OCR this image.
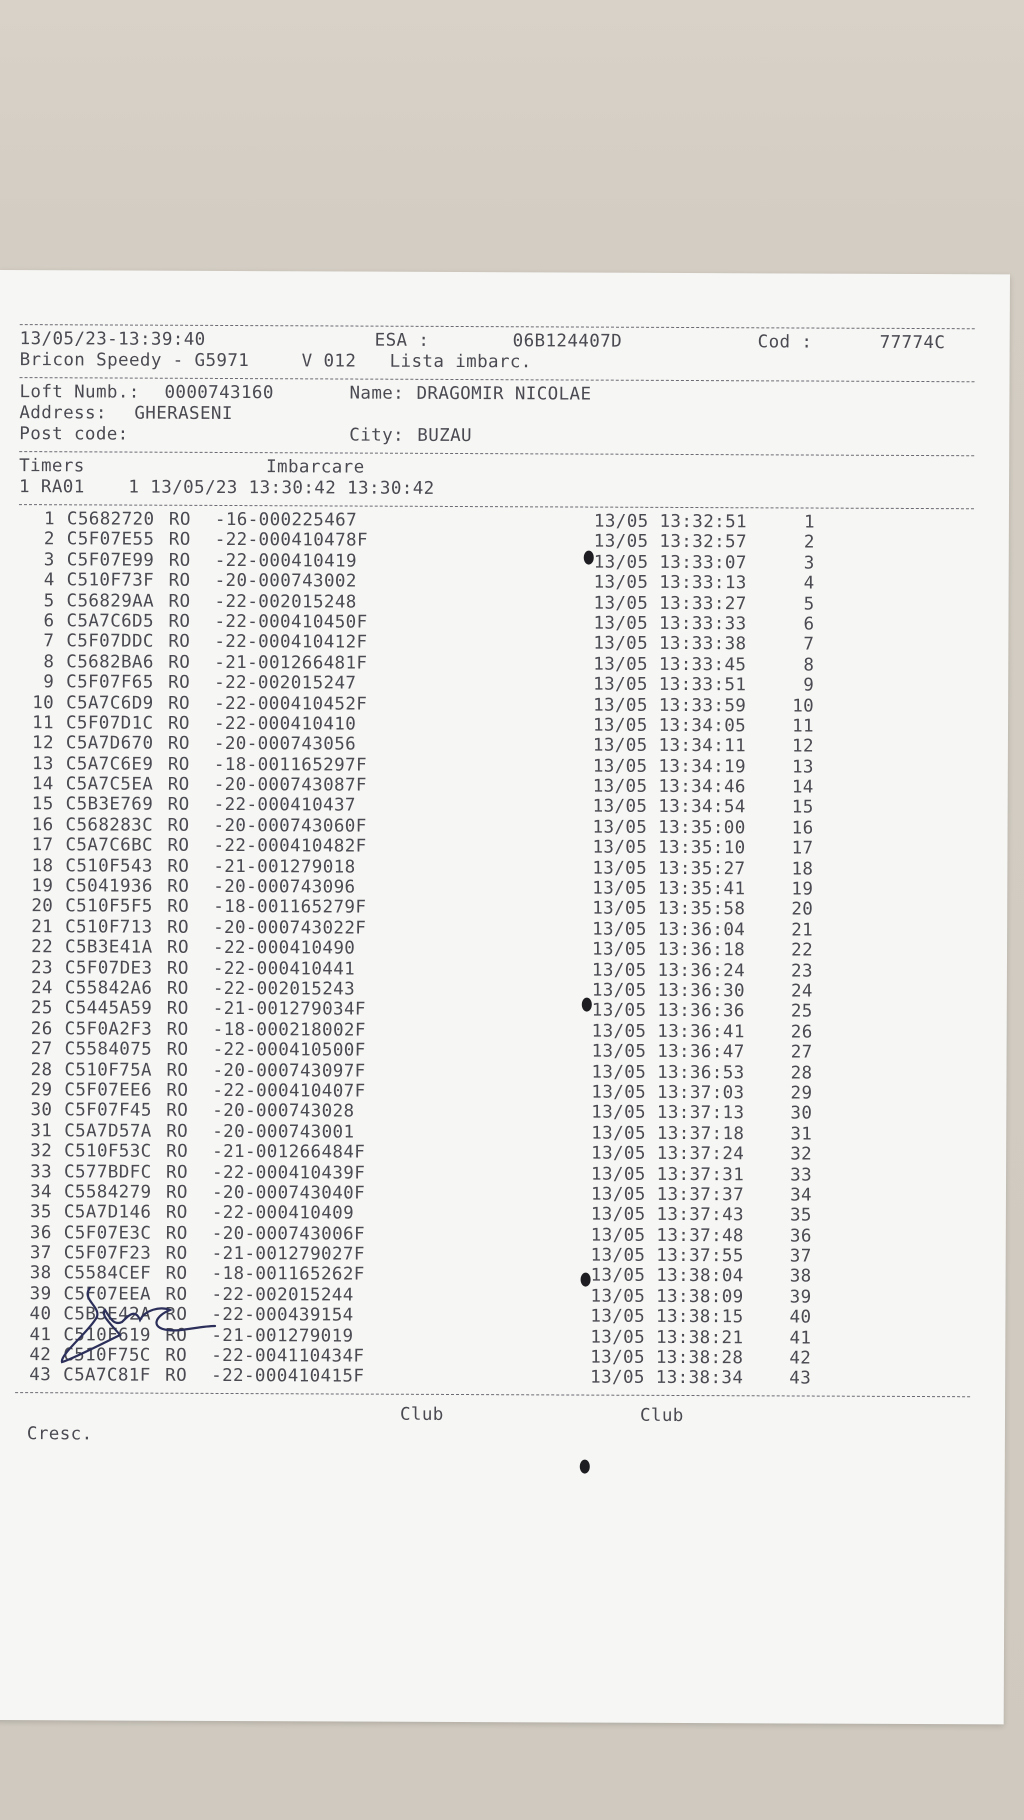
13/05/23-13:39:40

	ESA :

	06B124407D

	Cod :

	77774C

Bricon Speedy - G5971

	V 012

Lista imbarc.

Loft Numb.:

0000743160

	Name:

DRAGOMIR NICOLAE

Address:

GHERASENI

Post code:

	City:

BUZAU

Timers

	Imbarcare

1 RA01    1 13/05/23 13:30:42 13:30:42

1 C5682720 RO -16-000225467	13/05 13:32:51	1
2 C5F07E55 RO -22-000410478F	13/05 13:32:57	2
3 C5F07E99 RO -22-000410419	13/05 13:33:07	3
4 C510F73F RO -20-000743002	13/05 13:33:13	4
5 C56829AA RO -22-002015248	13/05 13:33:27	5
6 C5A7C6D5 RO -22-000410450F	13/05 13:33:33	6
7 C5F07DDC RO -22-000410412F	13/05 13:33:38	7
8 C5682BA6 RO -21-001266481F	13/05 13:33:45	8
9 C5F07F65 RO -22-002015247	13/05 13:33:51	9
10 C5A7C6D9 RO -22-000410452F	13/05 13:33:59	10
11 C5F07D1C RO -22-000410410	13/05 13:34:05	11
12 C5A7D670 RO -20-000743056	13/05 13:34:11	12
13 C5A7C6E9 RO -18-001165297F	13/05 13:34:19	13
14 C5A7C5EA RO -20-000743087F	13/05 13:34:46	14
15 C5B3E769 RO -22-000410437	13/05 13:34:54	15
16 C568283C RO -20-000743060F	13/05 13:35:00	16
17 C5A7C6BC RO -22-000410482F	13/05 13:35:10	17
18 C510F543 RO -21-001279018	13/05 13:35:27	18
19 C5041936 RO -20-000743096	13/05 13:35:41	19
20 C510F5F5 RO -18-001165279F	13/05 13:35:58	20
21 C510F713 RO -20-000743022F	13/05 13:36:04	21
22 C5B3E41A RO -22-000410490	13/05 13:36:18	22
23 C5F07DE3 RO -22-000410441	13/05 13:36:24	23
24 C55842A6 RO -22-002015243	13/05 13:36:30	24
25 C5445A59 RO -21-001279034F	13/05 13:36:36	25
26 C5F0A2F3 RO -18-000218002F	13/05 13:36:41	26
27 C5584075 RO -22-000410500F	13/05 13:36:47	27
28 C510F75A RO -20-000743097F	13/05 13:36:53	28
29 C5F07EE6 RO -22-000410407F	13/05 13:37:03	29
30 C5F07F45 RO -20-000743028	13/05 13:37:13	30
31 C5A7D57A RO -20-000743001	13/05 13:37:18	31
32 C510F53C RO -21-001266484F	13/05 13:37:24	32
33 C577BDFC RO -22-000410439F	13/05 13:37:31	33
34 C5584279 RO -20-000743040F	13/05 13:37:37	34
35 C5A7D146 RO -22-000410409	13/05 13:37:43	35
36 C5F07E3C RO -20-000743006F	13/05 13:37:48	36
37 C5F07F23 RO -21-001279027F	13/05 13:37:55	37
38 C5584CEF RO -18-001165262F	13/05 13:38:04	38
39 C5F07EEA RO -22-002015244	13/05 13:38:09	39
40 C5B3E42A RO -22-000439154	13/05 13:38:15	40
41 C510F619 RO -21-001279019	13/05 13:38:21	41
42 C510F75C RO -22-004110434F	13/05 13:38:28	42
43 C5A7C81F RO -22-000410415F	13/05 13:38:34	43

Club

	Club

Cresc.
